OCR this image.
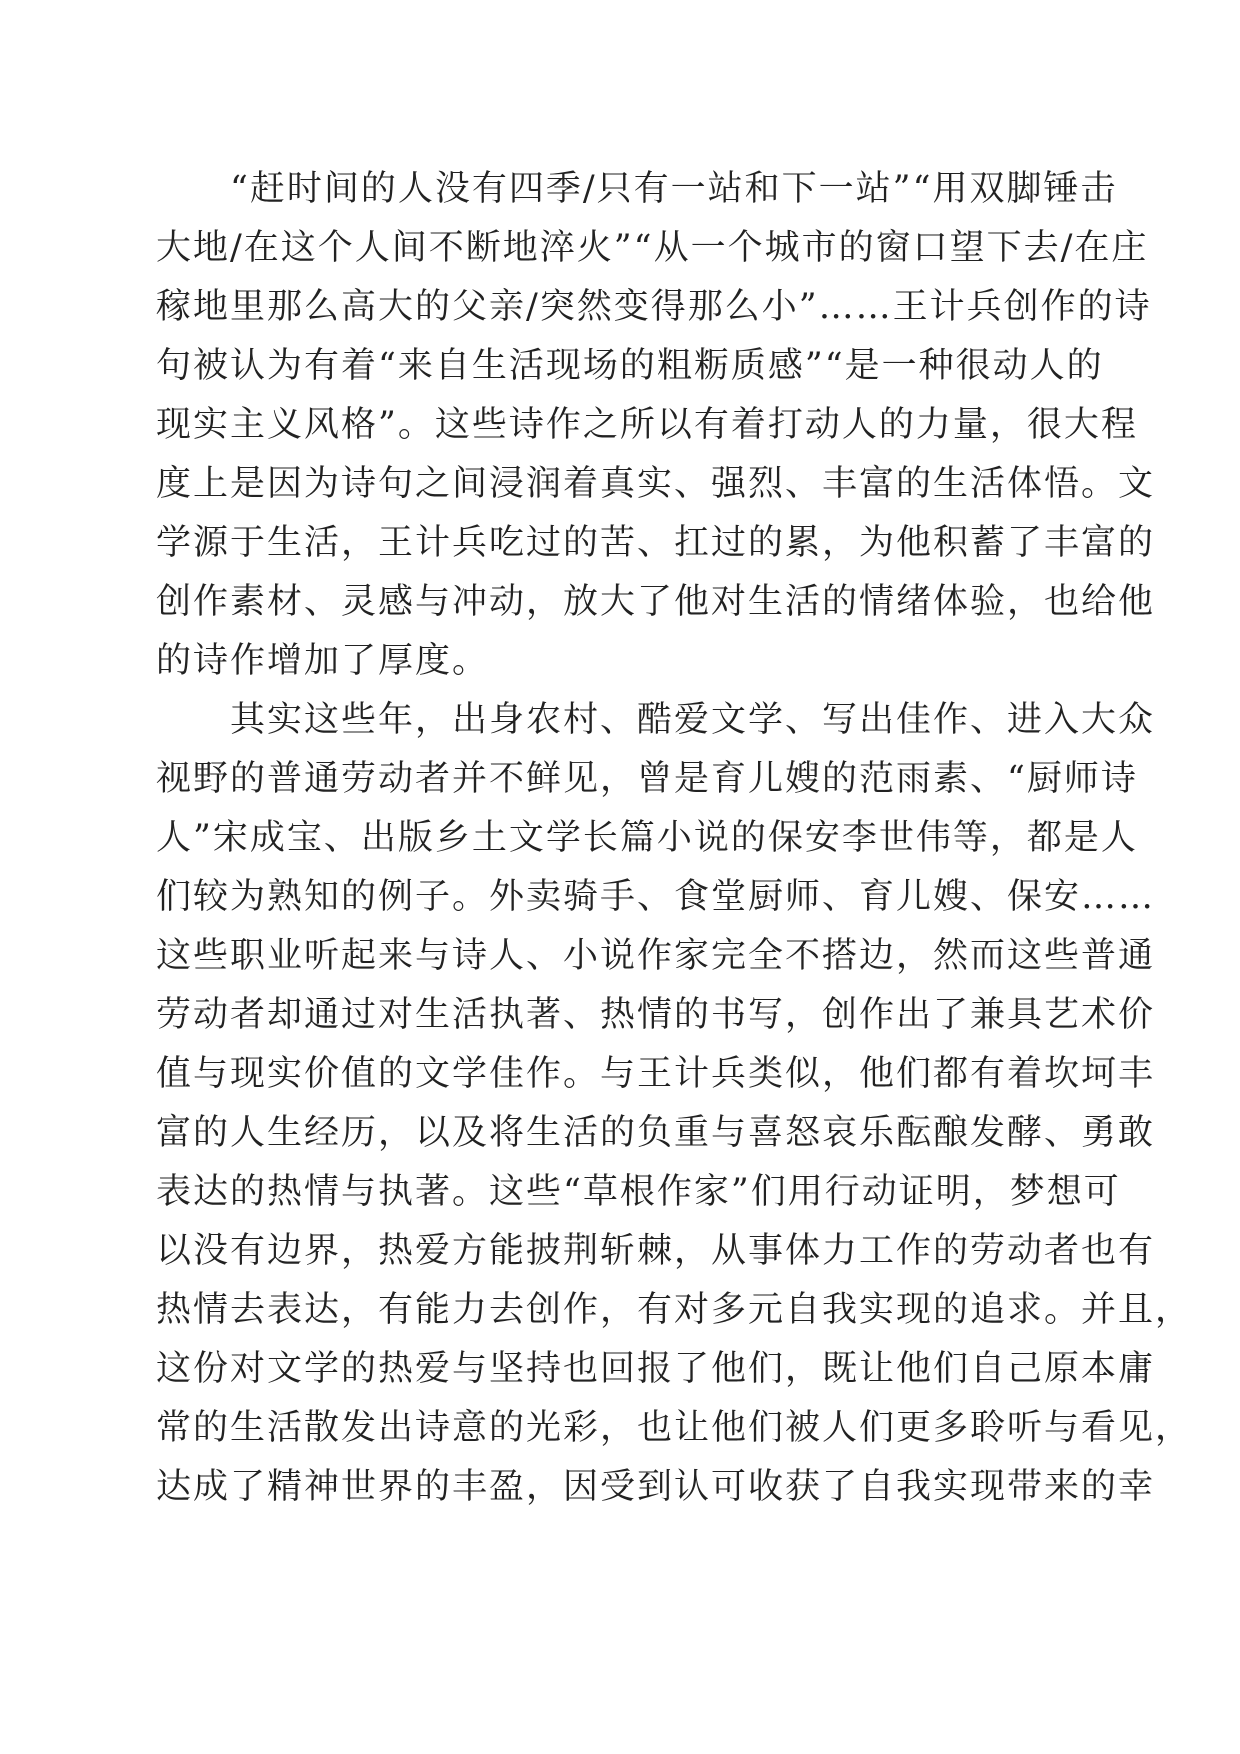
　　“赶时间的人没有四季/只有一站和下一站”“用双脚锤击
大地/在这个人间不断地淬火”“从一个城市的窗口望下去/在庄
稼地里那么高大的父亲/突然变得那么小”……王计兵创作的诗
句被认为有着“来自生活现场的粗粝质感”“是一种很动人的
现实主义风格”。这些诗作之所以有着打动人的力量，很大程
度上是因为诗句之间浸润着真实、强烈、丰富的生活体悟。文
学源于生活，王计兵吃过的苦、扛过的累，为他积蓄了丰富的
创作素材、灵感与冲动，放大了他对生活的情绪体验，也给他
的诗作增加了厚度。
　　其实这些年，出身农村、酷爱文学、写出佳作、进入大众
视野的普通劳动者并不鲜见，曾是育儿嫂的范雨素、“厨师诗
人”宋成宝、出版乡土文学长篇小说的保安李世伟等，都是人
们较为熟知的例子。外卖骑手、食堂厨师、育儿嫂、保安……
这些职业听起来与诗人、小说作家完全不搭边，然而这些普通
劳动者却通过对生活执著、热情的书写，创作出了兼具艺术价
值与现实价值的文学佳作。与王计兵类似，他们都有着坎坷丰
富的人生经历，以及将生活的负重与喜怒哀乐酝酿发酵、勇敢
表达的热情与执著。这些“草根作家”们用行动证明，梦想可
以没有边界，热爱方能披荆斩棘，从事体力工作的劳动者也有
热情去表达，有能力去创作，有对多元自我实现的追求。并且，
这份对文学的热爱与坚持也回报了他们，既让他们自己原本庸
常的生活散发出诗意的光彩，也让他们被人们更多聆听与看见，
达成了精神世界的丰盈，因受到认可收获了自我实现带来的幸
